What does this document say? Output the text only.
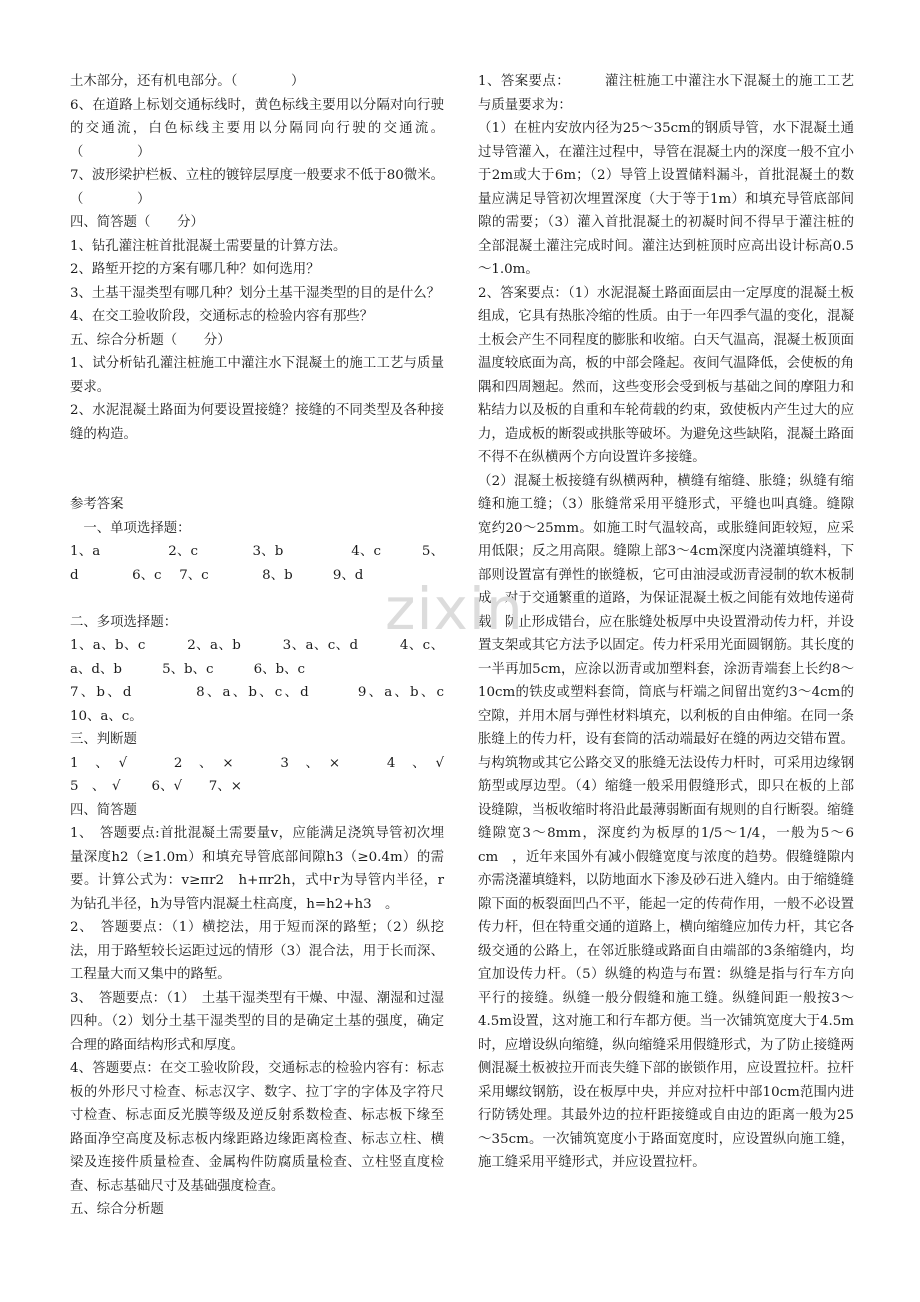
土木部分，还有机电部分。（　　　　）

6、在道路上标划交通标线时，黄色标线主要用以分隔对向行驶的交通流，白色标线主要用以分隔同向行驶的交通流。（　　　　）

7、波形梁护栏板、立柱的镀锌层厚度一般要求不低于80微米。（　　　　）

四、简答题（　　分）

1、钻孔灌注桩首批混凝土需要量的计算方法。

2、路堑开挖的方案有哪几种？如何选用？

3、土基干湿类型有哪几种？划分土基干湿类型的目的是什么？

4、在交工验收阶段，交通标志的检验内容有那些？

五、综合分析题（　　分）

1、试分析钻孔灌注桩施工中灌注水下混凝土的施工工艺与质量要求。

2、水泥混凝土路面为何要设置接缝？接缝的不同类型及各种接缝的构造。

参考答案

　一、单项选择题：

1、a　　　　　2、c　　　　3、b　　　　　4、c　　　5、d　　　　6、c　 7、c　　　　8、b　　　9、d

二、多项选择题：

1、a、b、c　　　2、a、b　　　3、a、c、d　　　4、c、a、d、b　　　5、b、c　　　6、b、c

7、b、d　　　　8、a、b、c、d　　　9、a、b、c　　　10、a、c。

三、判断题

1　、　√　　　2　、　×　　　3　、　×　　　4　、　√　　　5　、　√　　 6、√　　7、×

四、简答题

1、　答题要点:首批混凝土需要量v，应能满足浇筑导管初次埋量深度h2（≥1.0m）和填充导管底部间隙h3（≥0.4m）的需要。计算公式为：v≥πr2　h+πr2h，式中r为导管内半径，r为钻孔半径，h为导管内混凝土柱高度，h=h2+h3　。

2、　答题要点：（1）横挖法，用于短而深的路堑；（2）纵挖法，用于路堑较长运距过远的情形（3）混合法，用于长而深、工程量大而又集中的路堑。

3、　答题要点：（1）　土基干湿类型有干燥、中湿、潮湿和过湿四种。（2）划分土基干湿类型的目的是确定土基的强度，确定合理的路面结构形式和厚度。

4、答题要点：在交工验收阶段，交通标志的检验内容有：标志板的外形尺寸检查、标志汉字、数字、拉丁字的字体及字符尺寸检查、标志面反光膜等级及逆反射系数检查、标志板下缘至路面净空高度及标志板内缘距路边缘距离检查、标志立柱、横梁及连接件质量检查、金属构件防腐质量检查、立柱竖直度检查、标志基础尺寸及基础强度检查。

五、综合分析题

1、答案要点：　　　灌注桩施工中灌注水下混凝土的施工工艺与质量要求为：

（1）在桩内安放内径为25～35cm的钢质导管，水下混凝土通过导管灌入，在灌注过程中，导管在混凝土内的深度一般不宜小于2m或大于6m；（2）导管上设置储料漏斗，首批混凝土的数量应满足导管初次埋置深度（大于等于1m）和填充导管底部间隙的需要；（3）灌入首批混凝土的初凝时间不得早于灌注桩的全部混凝土灌注完成时间。灌注达到桩顶时应高出设计标高0.5～1.0m。

2、答案要点：（1）水泥混凝土路面面层由一定厚度的混凝土板组成，它具有热胀冷缩的性质。由于一年四季气温的变化，混凝土板会产生不同程度的膨胀和收缩。白天气温高，混凝土板顶面温度较底面为高，板的中部会隆起。夜间气温降低，会使板的角隅和四周翘起。然而，这些变形会受到板与基础之间的摩阻力和粘结力以及板的自重和车轮荷载的约束，致使板内产生过大的应力，造成板的断裂或拱胀等破坏。为避免这些缺陷，混凝土路面不得不在纵横两个方向设置许多接缝。

（2）混凝土板接缝有纵横两种，横缝有缩缝、胀缝；纵缝有缩缝和施工缝；（3）胀缝常采用平缝形式，平缝也叫真缝。缝隙宽约20～25mm。如施工时气温较高，或胀缝间距较短，应采用低限；反之用高限。缝隙上部3～4cm深度内浇灌填缝料，下部则设置富有弹性的嵌缝板，它可由油浸或沥青浸制的软木板制成。对于交通繁重的道路，为保证混凝土板之间能有效地传递荷载，防止形成错台，应在胀缝处板厚中央设置滑动传力杆，并设置支架或其它方法予以固定。传力杆采用光面圆钢筋。其长度的一半再加5cm，应涂以沥青或加塑料套，涂沥青端套上长约8～10cm的铁皮或塑料套筒，筒底与杆端之间留出宽约3～4cm的空隙，并用木屑与弹性材料填充，以利板的自由伸缩。在同一条胀缝上的传力杆，设有套筒的活动端最好在缝的两边交错布置。与构筑物或其它公路交叉的胀缝无法设传力杆时，可采用边缘钢筋型或厚边型。（4）缩缝一般采用假缝形式，即只在板的上部设缝隙，当板收缩时将沿此最薄弱断面有规则的自行断裂。缩缝缝隙宽3～8mm，深度约为板厚的1/5～1/4，一般为5～6　cm　，近年来国外有减小假缝宽度与浓度的趋势。假缝缝隙内亦需浇灌填缝料，以防地面水下渗及砂石进入缝内。由于缩缝缝隙下面的板裂面凹凸不平，能起一定的传荷作用，一般不必设置传力杆，但在特重交通的道路上，横向缩缝应加传力杆，其它各级交通的公路上，在邻近胀缝或路面自由端部的3条缩缝内，均宜加设传力杆。（5）纵缝的构造与布置：纵缝是指与行车方向平行的接缝。纵缝一般分假缝和施工缝。纵缝间距一般按3～4.5m设置，这对施工和行车都方便。当一次铺筑宽度大于4.5m时，应增设纵向缩缝，纵向缩缝采用假缝形式，为了防止接缝两侧混凝土板被拉开而丧失缝下部的嵌锁作用，应设置拉杆。拉杆采用螺纹钢筋，设在板厚中央，并应对拉杆中部10cm范围内进行防锈处理。其最外边的拉杆距接缝或自由边的距离一般为25～35cm。一次铺筑宽度小于路面宽度时，应设置纵向施工缝，施工缝采用平缝形式，并应设置拉杆。

zixin
